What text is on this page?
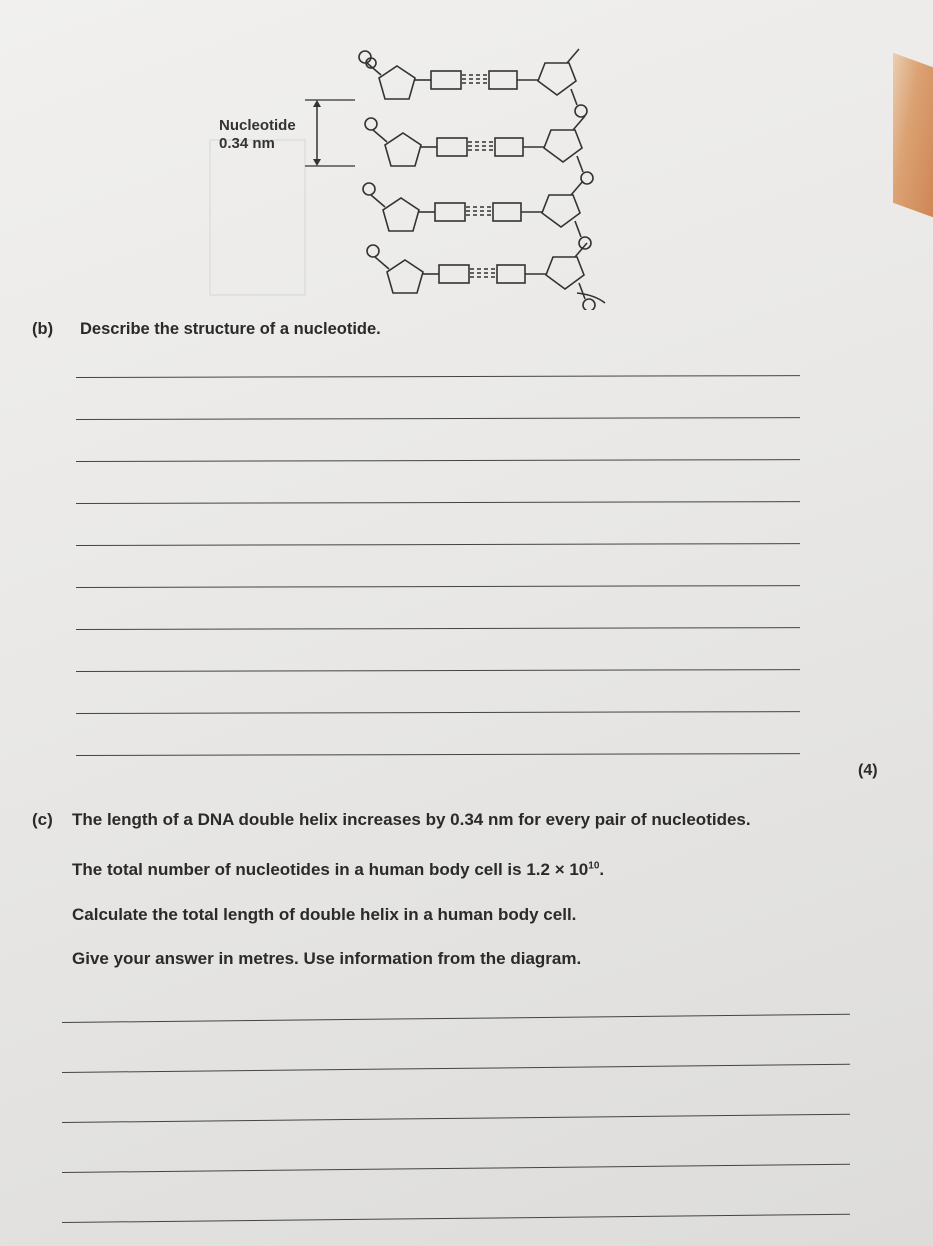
Nucleotide
0.34 nm
(b) Describe the structure of a nucleotide.
(4)
(c) The length of a DNA double helix increases by 0.34 nm for every pair of nucleotides.
The total number of nucleotides in a human body cell is $1.2 \times 10^{10}$.
Calculate the total length of double helix in a human body cell.
Give your answer in metres. Use information from the diagram.
